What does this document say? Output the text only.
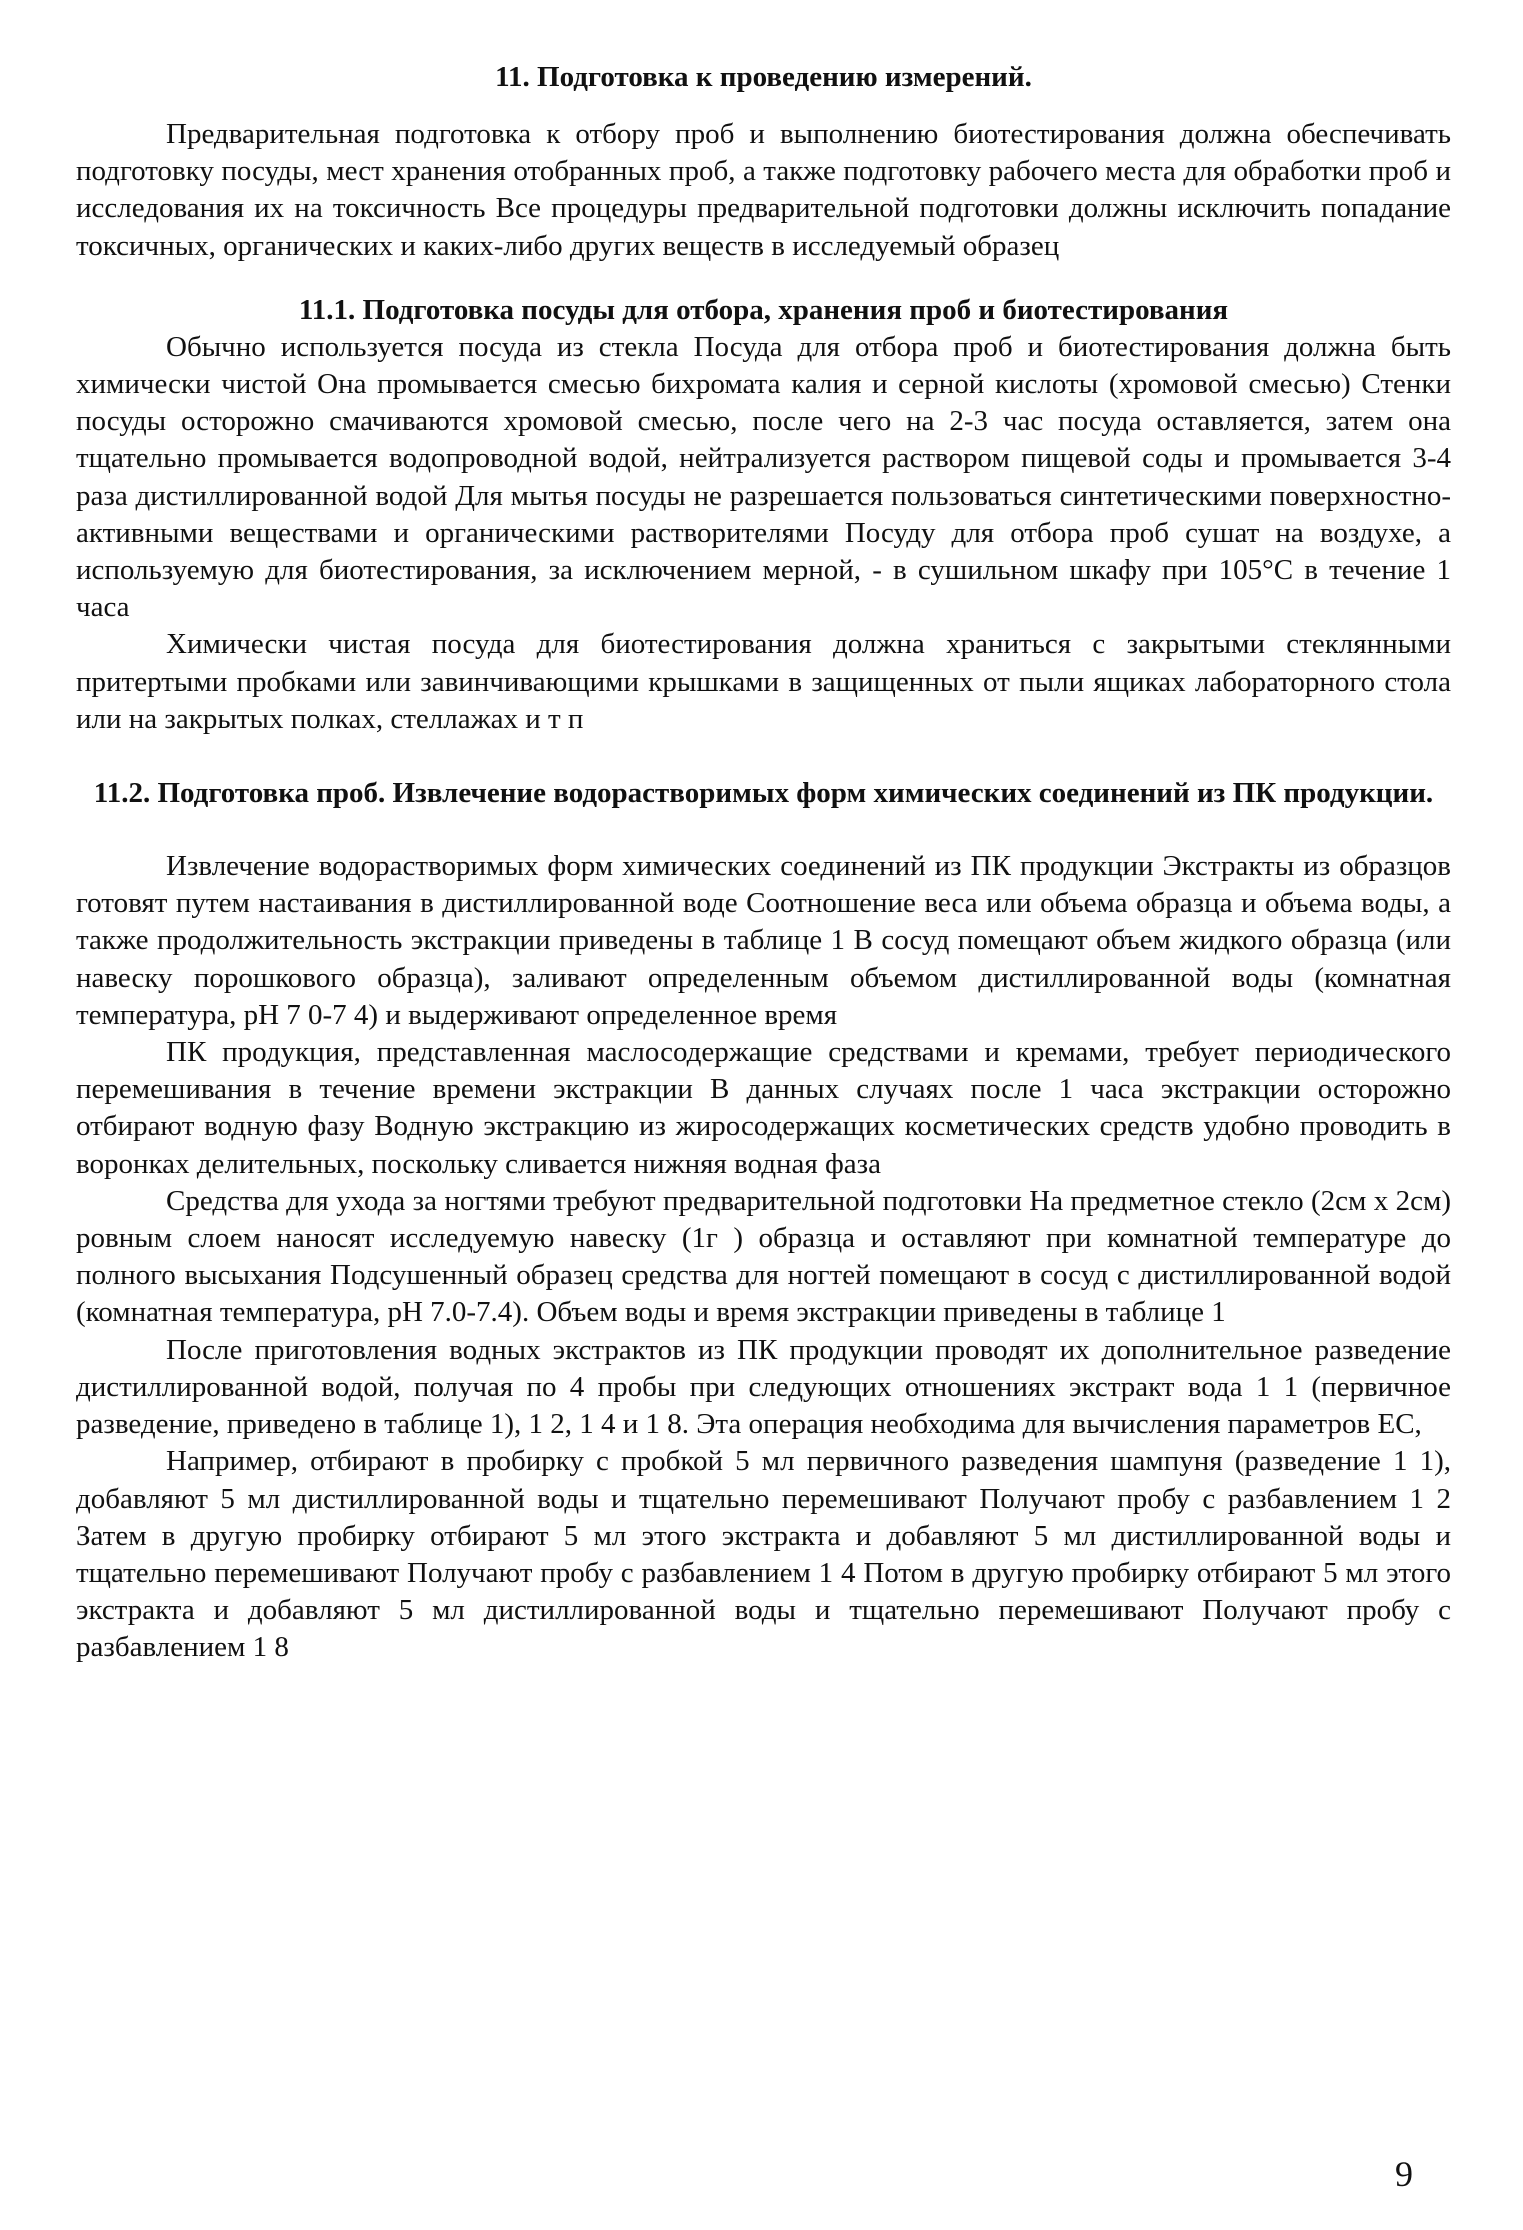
11. Подготовка к проведению измерений.

Предварительная подготовка к отбору проб и выполнению биотестирования должна обеспечивать подготовку посуды, мест хранения отобранных проб, а также подготовку рабочего места для обработки проб и исследования их на токсичность Все процедуры предварительной подготовки должны исключить попадание токсичных, органических и каких-либо других веществ в исследуемый образец

11.1. Подготовка посуды для отбора, хранения проб и биотестирования

Обычно используется посуда из стекла Посуда для отбора проб и биотестирования должна быть химически чистой Она промывается смесью бихромата калия и серной кислоты (хромовой смесью) Стенки посуды осторожно смачиваются хромовой смесью, после чего на 2-3 час посуда оставляется, затем она тщательно промывается водопроводной водой, нейтрализуется раствором пищевой соды и промывается 3-4 раза дистиллированной водой Для мытья посуды не разрешается пользоваться синтетическими поверхностно-активными веществами и органическими растворителями Посуду для отбора проб сушат на воздухе, а используемую для биотестирования, за исключением мерной, - в сушильном шкафу при 105°С в течение 1 часа

Химически чистая посуда для биотестирования должна храниться с закрытыми стеклянными притертыми пробками или завинчивающими крышками в защищенных от пыли ящиках лабораторного стола или на закрытых полках, стеллажах и т п

11.2. Подготовка проб. Извлечение водорастворимых форм химических соединений из ПК продукции.

Извлечение водорастворимых форм химических соединений из ПК продукции Экстракты из образцов готовят путем настаивания в дистиллированной воде Соотношение веса или объема образца и объема воды, а также продолжительность экстракции приведены в таблице 1 В сосуд помещают объем жидкого образца (или навеску порошкового образца), заливают определенным объемом дистиллированной воды (комнатная температура, pH 7 0-7 4) и выдерживают определенное время

ПК продукция, представленная маслосодержащие средствами и кремами, требует периодического перемешивания в течение времени экстракции В данных случаях после 1 часа экстракции осторожно отбирают водную фазу Водную экстракцию из жиросодержащих косметических средств удобно проводить в воронках делительных, поскольку сливается нижняя водная фаза

Средства для ухода за ногтями требуют предварительной подготовки На предметное стекло (2см x 2см) ровным слоем наносят исследуемую навеску (1г ) образца и оставляют при комнатной температуре до полного высыхания Подсушенный образец средства для ногтей помещают в сосуд с дистиллированной водой (комнатная температура, pH 7.0-7.4). Объем воды и время экстракции приведены в таблице 1

После приготовления водных экстрактов из ПК продукции проводят их дополнительное разведение дистиллированной водой, получая по 4 пробы при следующих отношениях экстракт вода 1 1 (первичное разведение, приведено в таблице 1), 1 2, 1 4 и 1 8. Эта операция необходима для вычисления параметров ЕС,

Например, отбирают в пробирку с пробкой 5 мл первичного разведения шампуня (разведение 1 1), добавляют 5 мл дистиллированной воды и тщательно перемешивают Получают пробу с разбавлением 1 2 Затем в другую пробирку отбирают 5 мл этого экстракта и добавляют 5 мл дистиллированной воды и тщательно перемешивают Получают пробу с разбавлением 1 4 Потом в другую пробирку отбирают 5 мл этого экстракта и добавляют 5 мл дистиллированной воды и тщательно перемешивают Получают пробу с разбавлением 1 8

9
